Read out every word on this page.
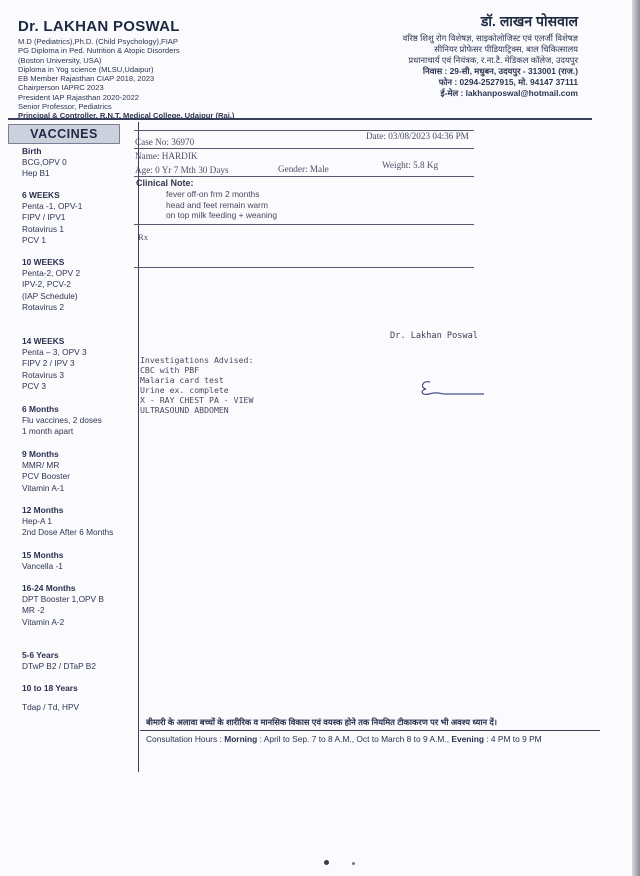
Dr. LAKHAN POSWAL

M.D (Pediatrics),Ph.D. (Child Psychology),FIAP

PG Diploma in Ped. Nutrition & Atopic Disorders

(Boston University, USA)

Diploma in Yog science (MLSU,Udaipur)

EB Member Rajasthan CIAP 2018, 2023

Chairperson IAPRC 2023

President IAP Rajasthan 2020-2022

Senior Professor, Pediatrics

Principal & Controller, R.N.T. Medical College, Udaipur (Raj.)

डॉ. लाखन पोसवाल

वरिष्ठ शिशु रोग विशेषज्ञ, साइकोलोजिस्ट एवं एलर्जी विशेषज्ञ

सीनियर प्रोफेसर पीडियाट्रिक्स, बाल चिकित्सालय

प्रधानाचार्य एवं नियंत्रक, र.ना.टै. मेडिकल कॉलेज, उदयपुर

निवास : 29-सी, मधुबन, उदयपुर - 313001 (राज.)

फोन : 0294-2527915, मो. 94147 37111

ई-मेल : lakhanposwal@hotmail.com

VACCINES

Birth

BCG,OPV 0

Hep B1

6 WEEKS

Penta -1, OPV-1

FIPV / IPV1

Rotavirus 1

PCV 1

10 WEEKS

Penta-2, OPV 2

IPV-2, PCV-2

(IAP Schedule)

Rotavirus 2

14 WEEKS

Penta – 3, OPV 3

FIPV 2 / IPV 3

Rotavirus 3

PCV 3

6 Months

Flu vaccines, 2 doses

1 month apart

9 Months

MMR/ MR

PCV Booster

Vitamin A-1

12 Months

Hep-A 1

2nd Dose After 6 Months

15 Months

Vancella -1

16-24 Months

DPT Booster 1,OPV B

MR -2

Vitamin A-2

5-6 Years

DTwP B2 / DTaP B2

10 to 18 Years

Tdap / Td, HPV

Case No: 36970
Date: 03/08/2023 04:36 PM
Name: HARDIK
Age: 0 Yr 7 Mth 30 Days	Gender: Male	Weight: 5.8 Kg
Clinical Note:
fever off-on frm 2 months
head and feet remain warm
on top milk feeding + weaning
Rx
Dr. Lakhan Poswal
Investigations Advised:
CBC with PBF
Malaria card test
Urine ex. complete
X - RAY CHEST PA - VIEW
ULTRASOUND ABDOMEN
बीमारी के अलावा बच्चों के शारीरिक व मानसिक विकास एवं वयस्क होने तक नियमित टीकाकरण पर भी अवश्य ध्यान दें।
Consultation Hours : Morning : April to Sep. 7 to 8 A.M., Oct to March 8 to 9 A.M., Evening : 4 PM to 9 PM
